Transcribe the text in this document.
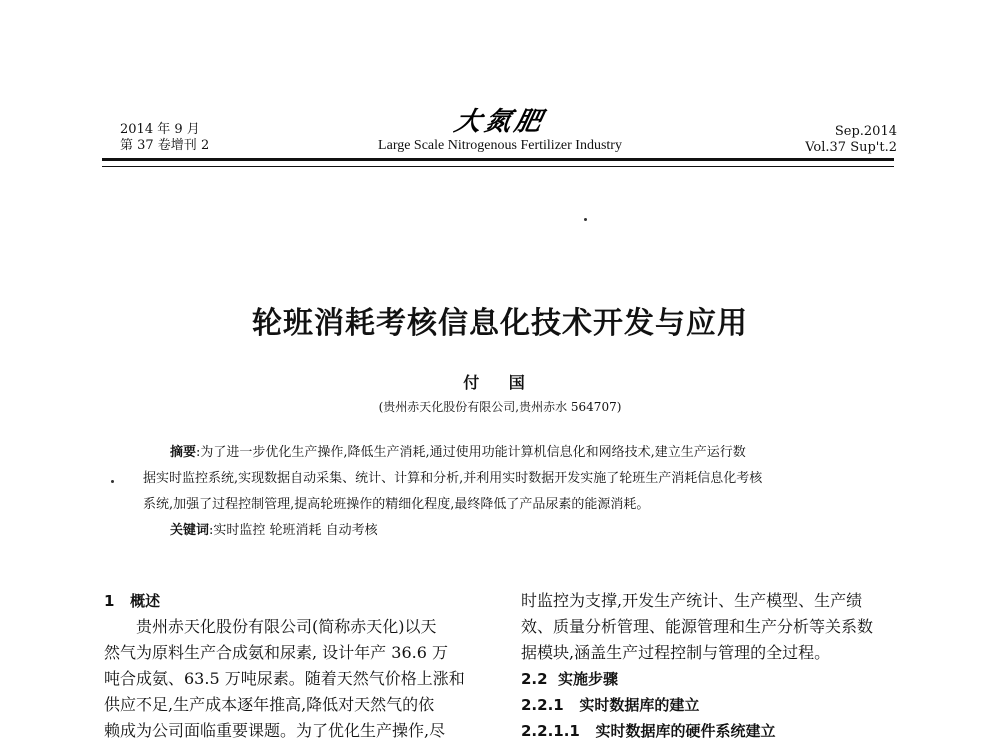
2014 年 9 月
第 37 卷增刊 2
大氮肥
Large Scale Nitrogenous Fertilizer Industry
Sep.2014
Vol.37 Sup't.2
轮班消耗考核信息化技术开发与应用
付 国
(贵州赤天化股份有限公司,贵州赤水 564707)
摘要:为了进一步优化生产操作,降低生产消耗,通过使用功能计算机信息化和网络技术,建立生产运行数
据实时监控系统,实现数据自动采集、统计、计算和分析,并利用实时数据开发实施了轮班生产消耗信息化考核
系统,加强了过程控制管理,提高轮班操作的精细化程度,最终降低了产品尿素的能源消耗。
关键词:实时监控 轮班消耗 自动考核
1 概述
贵州赤天化股份有限公司(简称赤天化)以天
然气为原料生产合成氨和尿素, 设计年产 36.6 万
吨合成氨、63.5 万吨尿素。随着天然气价格上涨和
供应不足,生产成本逐年推高,降低对天然气的依
赖成为公司面临重要课题。为了优化生产操作,尽
时监控为支撑,开发生产统计、生产模型、生产绩
效、质量分析管理、能源管理和生产分析等关系数
据模块,涵盖生产过程控制与管理的全过程。
2.2 实施步骤
2.2.1 实时数据库的建立
2.2.1.1 实时数据库的硬件系统建立
